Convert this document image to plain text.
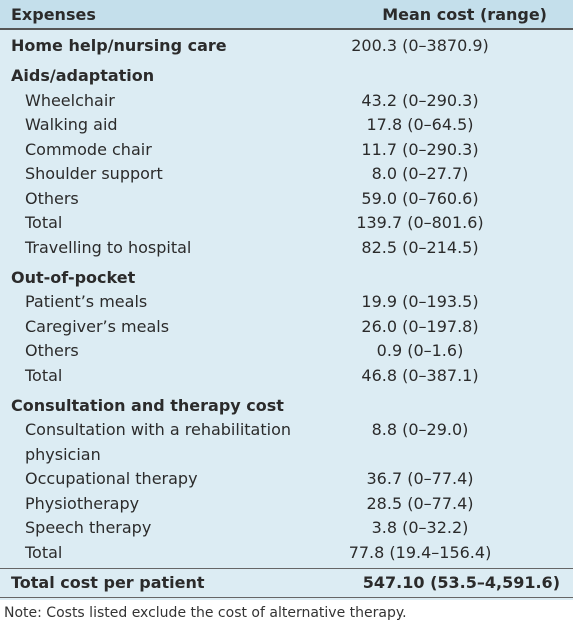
Expenses	Mean cost (range)
Home help/nursing care	200.3 (0–3870.9)
Aids/adaptation
Wheelchair	43.2 (0–290.3)
Walking aid	17.8 (0–64.5)
Commode chair	11.7 (0–290.3)
Shoulder support	8.0 (0–27.7)
Others	59.0 (0–760.6)
Total	139.7 (0–801.6)
Travelling to hospital	82.5 (0–214.5)
Out-of-pocket
Patient’s meals	19.9 (0–193.5)
Caregiver’s meals	26.0 (0–197.8)
Others	0.9 (0–1.6)
Total	46.8 (0–387.1)
Consultation and therapy cost
Consultation with a rehabilitation	8.8 (0–29.0)
physician
Occupational therapy	36.7 (0–77.4)
Physiotherapy	28.5 (0–77.4)
Speech therapy	3.8 (0–32.2)
Total	77.8 (19.4–156.4)
Total cost per patient	547.10 (53.5–4,591.6)
Note: Costs listed exclude the cost of alternative therapy.
